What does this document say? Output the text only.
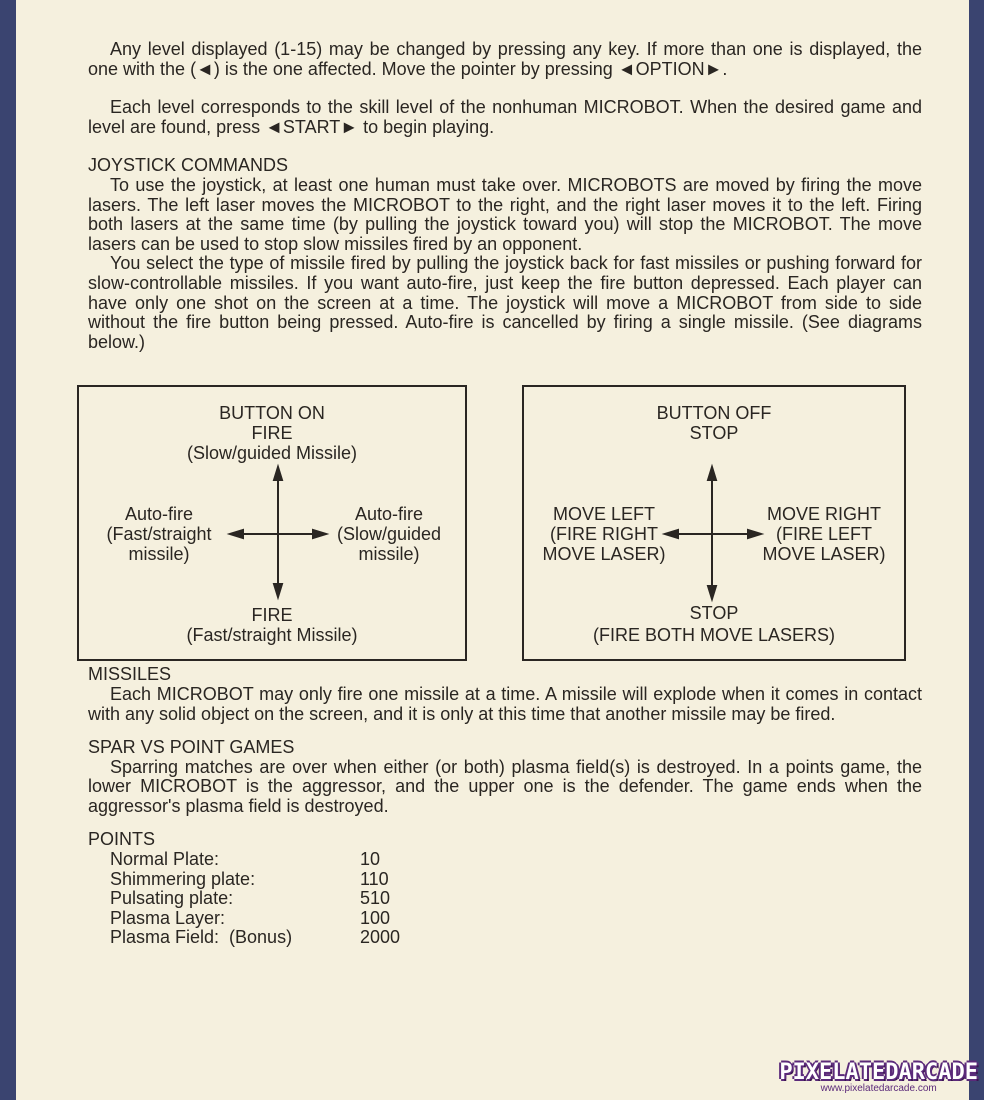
Any level displayed (1-15) may be changed by pressing any key. If more than one is displayed, the one with the (◄) is the one affected. Move the pointer by pressing ◄OPTION►.

Each level corresponds to the skill level of the nonhuman MICROBOT. When the desired game and level are found, press ◄START► to begin playing.

JOYSTICK COMMANDS

To use the joystick, at least one human must take over. MICROBOTS are moved by firing the move lasers. The left laser moves the MICROBOT to the right, and the right laser moves it to the left. Firing both lasers at the same time (by pulling the joystick toward you) will stop the MICROBOT. The move lasers can be used to stop slow missiles fired by an opponent.

You select the type of missile fired by pulling the joystick back for fast missiles or pushing forward for slow-controllable missiles. If you want auto-fire, just keep the fire button depressed. Each player can have only one shot on the screen at a time. The joystick will move a MICROBOT from side to side without the fire button being pressed. Auto-fire is cancelled by firing a single missile. (See diagrams below.)

BUTTON ON
FIRE
(Slow/guided Missile)
Auto-fire
(Fast/straight
missile)
Auto-fire
(Slow/guided
missile)
FIRE
(Fast/straight Missile)
BUTTON OFF
STOP
MOVE LEFT
(FIRE RIGHT
MOVE LASER)
MOVE RIGHT
(FIRE LEFT
MOVE LASER)
STOP
(FIRE BOTH MOVE LASERS)

MISSILES

Each MICROBOT may only fire one missile at a time. A missile will explode when it comes in contact with any solid object on the screen, and it is only at this time that another missile may be fired.

SPAR VS POINT GAMES

Sparring matches are over when either (or both) plasma field(s) is destroyed. In a points game, the lower MICROBOT is the aggressor, and the upper one is the defender. The game ends when the aggressor's plasma field is destroyed.

POINTS

Normal Plate:	10
Shimmering plate:	110
Pulsating plate:	510
Plasma Layer:	100
Plasma Field:  (Bonus)	2000
PIXELATEDARCADE
www.pixelatedarcade.com
